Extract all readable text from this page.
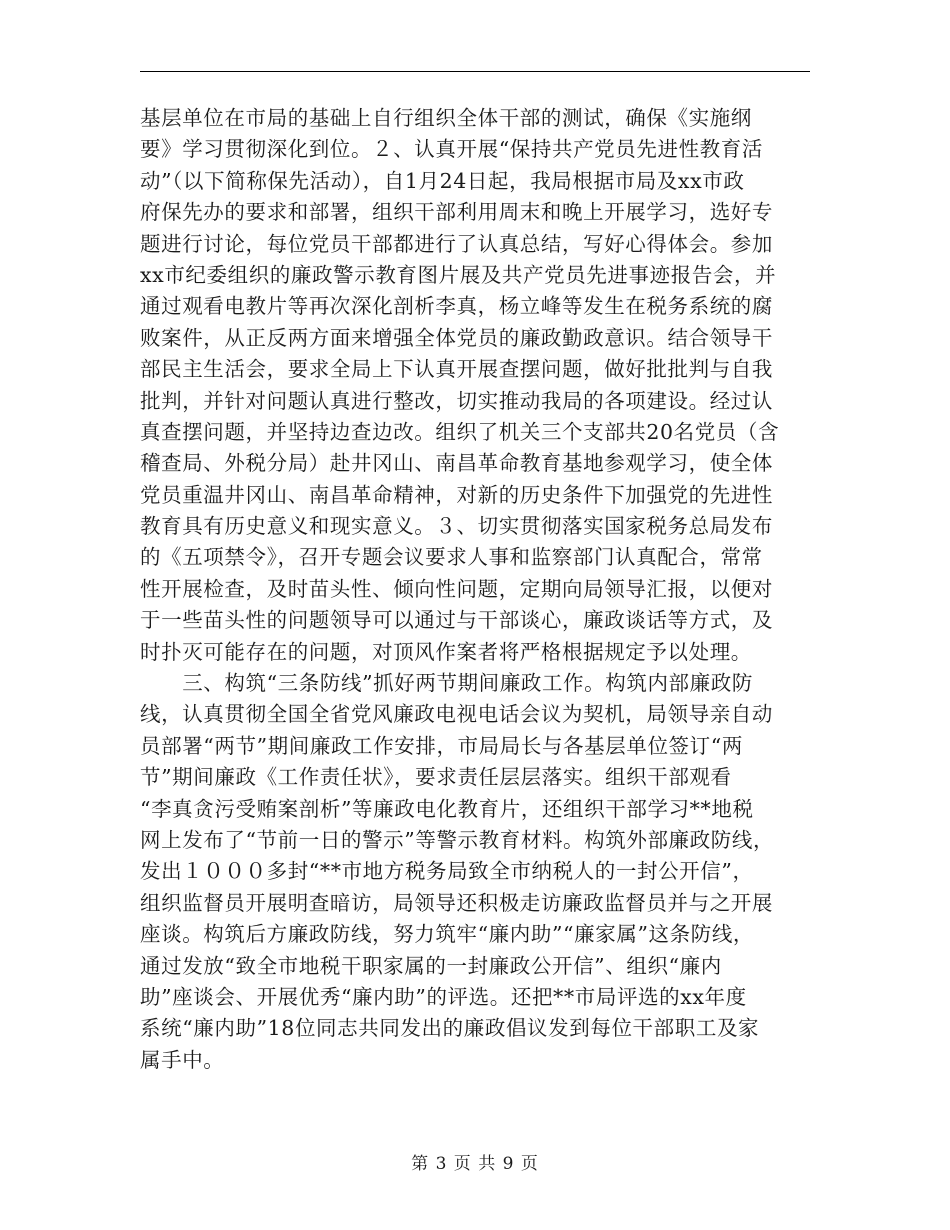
基层单位在市局的基础上自行组织全体干部的测试，确保《实施纲
要》学习贯彻深化到位。２、认真开展“保持共产党员先进性教育活
动”（以下简称保先活动），自1月24日起，我局根据市局及xx市政
府保先办的要求和部署，组织干部利用周末和晚上开展学习，选好专
题进行讨论，每位党员干部都进行了认真总结，写好心得体会。参加
xx市纪委组织的廉政警示教育图片展及共产党员先进事迹报告会，并
通过观看电教片等再次深化剖析李真，杨立峰等发生在税务系统的腐
败案件，从正反两方面来增强全体党员的廉政勤政意识。结合领导干
部民主生活会，要求全局上下认真开展查摆问题，做好批批判与自我
批判，并针对问题认真进行整改，切实推动我局的各项建设。经过认
真查摆问题，并坚持边查边改。组织了机关三个支部共20名党员（含
稽查局、外税分局）赴井冈山、南昌革命教育基地参观学习，使全体
党员重温井冈山、南昌革命精神，对新的历史条件下加强党的先进性
教育具有历史意义和现实意义。３、切实贯彻落实国家税务总局发布
的《五项禁令》，召开专题会议要求人事和监察部门认真配合，常常
性开展检查，及时苗头性、倾向性问题，定期向局领导汇报，以便对
于一些苗头性的问题领导可以通过与干部谈心，廉政谈话等方式，及
时扑灭可能存在的问题，对顶风作案者将严格根据规定予以处理。
　　三、构筑“三条防线”抓好两节期间廉政工作。构筑内部廉政防
线，认真贯彻全国全省党风廉政电视电话会议为契机，局领导亲自动
员部署“两节”期间廉政工作安排，市局局长与各基层单位签订“两
节”期间廉政《工作责任状》，要求责任层层落实。组织干部观看
“李真贪污受贿案剖析”等廉政电化教育片，还组织干部学习**地税
网上发布了“节前一日的警示”等警示教育材料。构筑外部廉政防线，
发出１０００多封“**市地方税务局致全市纳税人的一封公开信”，
组织监督员开展明查暗访，局领导还积极走访廉政监督员并与之开展
座谈。构筑后方廉政防线，努力筑牢“廉内助”“廉家属”这条防线，
通过发放“致全市地税干职家属的一封廉政公开信”、组织“廉内
助”座谈会、开展优秀“廉内助”的评选。还把**市局评选的xx年度
系统“廉内助”18位同志共同发出的廉政倡议发到每位干部职工及家
属手中。
第 3 页 共 9 页
